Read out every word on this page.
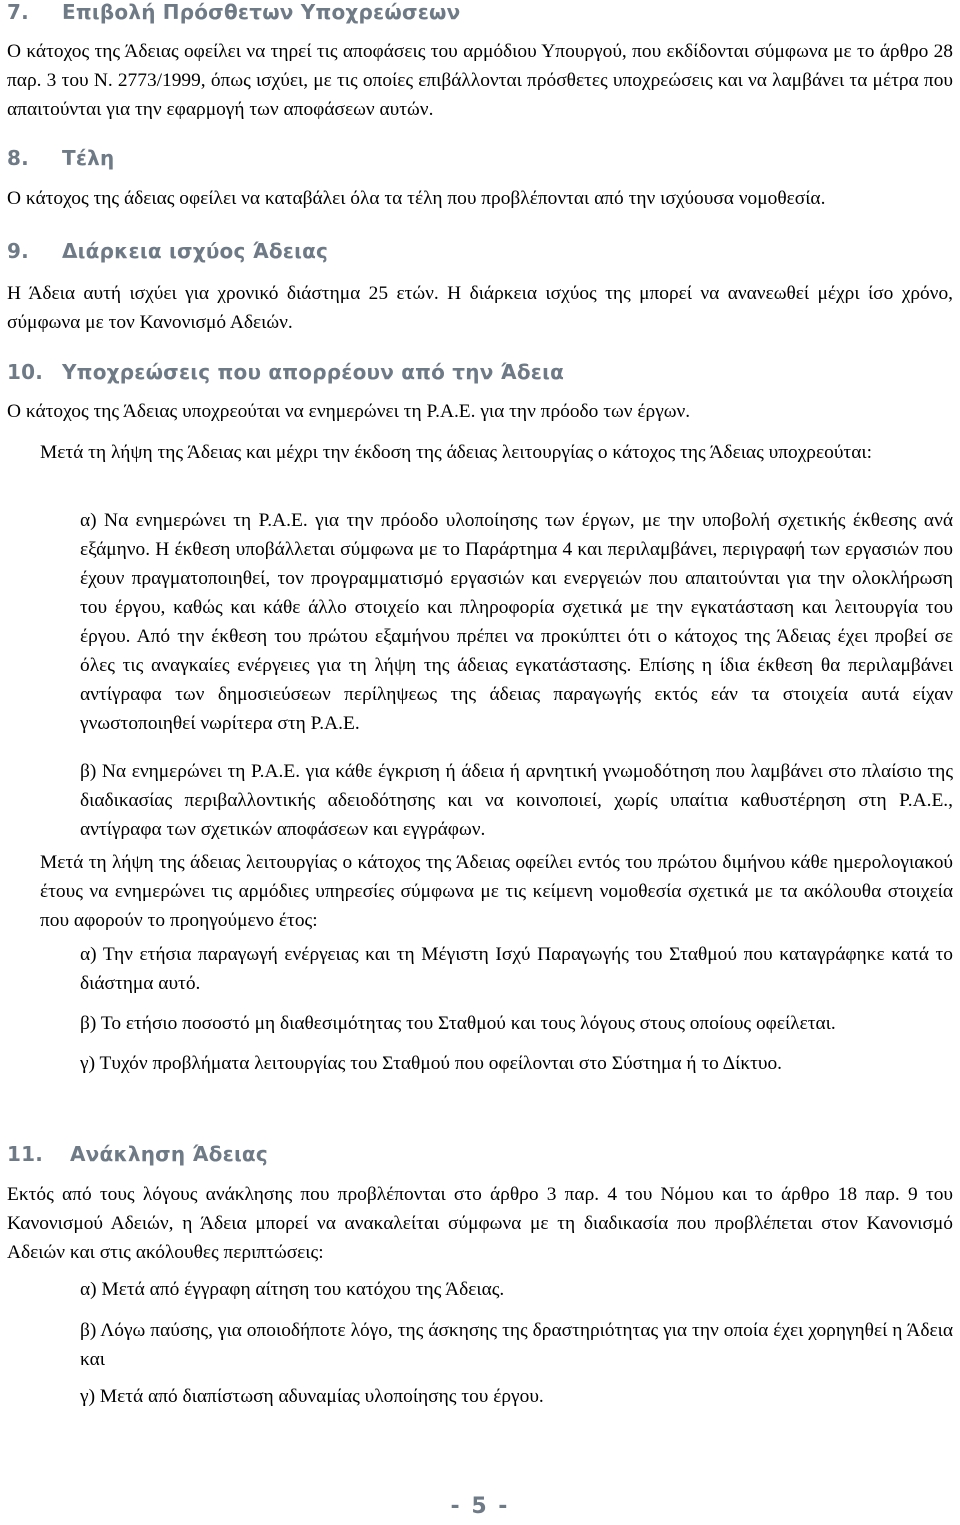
7. Επιβολή Πρόσθετων Υποχρεώσεων

Ο κάτοχος της Άδειας οφείλει να τηρεί τις αποφάσεις του αρμόδιου Υπουργού, που εκδίδονται σύμφωνα με το άρθρο 28 παρ. 3 του Ν. 2773/1999, όπως ισχύει, με τις οποίες επιβάλλονται πρόσθετες υποχρεώσεις και να λαμβάνει τα μέτρα που απαιτούνται για την εφαρμογή των αποφάσεων αυτών.

8. Τέλη

Ο κάτοχος της άδειας οφείλει να καταβάλει όλα τα τέλη που προβλέπονται από την ισχύουσα νομοθεσία.

9. Διάρκεια ισχύος Άδειας

Η Άδεια αυτή ισχύει για χρονικό διάστημα 25 ετών. Η διάρκεια ισχύος της μπορεί να ανανεωθεί μέχρι ίσο χρόνο, σύμφωνα με τον Κανονισμό Αδειών.

10. Υποχρεώσεις που απορρέουν από την Άδεια

Ο κάτοχος της Άδειας υποχρεούται να ενημερώνει τη Ρ.Α.Ε. για την πρόοδο των έργων.

Μετά τη λήψη της Άδειας και μέχρι την έκδοση της άδειας λειτουργίας ο κάτοχος της Άδειας υποχρεούται:

α) Να ενημερώνει τη Ρ.Α.Ε. για την πρόοδο υλοποίησης των έργων, με την υποβολή σχετικής έκθεσης ανά εξάμηνο. Η έκθεση υποβάλλεται σύμφωνα με το Παράρτημα 4 και περιλαμβάνει, περιγραφή των εργασιών που έχουν πραγματοποιηθεί, τον προγραμματισμό εργασιών και ενεργειών που απαιτούνται για την ολοκλήρωση του έργου, καθώς και κάθε άλλο στοιχείο και πληροφορία σχετικά με την εγκατάσταση και λειτουργία του έργου. Από την έκθεση του πρώτου εξαμήνου πρέπει να προκύπτει ότι ο κάτοχος της Άδειας έχει προβεί σε όλες τις αναγκαίες ενέργειες για τη λήψη της άδειας εγκατάστασης. Επίσης η ίδια έκθεση θα περιλαμβάνει αντίγραφα των δημοσιεύσεων περίληψεως της άδειας παραγωγής εκτός εάν τα στοιχεία αυτά είχαν γνωστοποιηθεί νωρίτερα στη Ρ.Α.Ε.

β) Να ενημερώνει τη Ρ.Α.Ε. για κάθε έγκριση ή άδεια ή αρνητική γνωμοδότηση που λαμβάνει στο πλαίσιο της διαδικασίας περιβαλλοντικής αδειοδότησης και να κοινοποιεί, χωρίς υπαίτια καθυστέρηση στη Ρ.Α.Ε., αντίγραφα των σχετικών αποφάσεων και εγγράφων.

Μετά τη λήψη της άδειας λειτουργίας ο κάτοχος της Άδειας οφείλει εντός του πρώτου διμήνου κάθε ημερολογιακού έτους να ενημερώνει τις αρμόδιες υπηρεσίες σύμφωνα με τις κείμενη νομοθεσία σχετικά με τα ακόλουθα στοιχεία που αφορούν το προηγούμενο έτος:

α) Την ετήσια παραγωγή ενέργειας και τη Μέγιστη Ισχύ Παραγωγής του Σταθμού που καταγράφηκε κατά το διάστημα αυτό.

β) Το ετήσιο ποσοστό μη διαθεσιμότητας του Σταθμού και τους λόγους στους οποίους οφείλεται.

γ) Τυχόν προβλήματα λειτουργίας του Σταθμού που οφείλονται στο Σύστημα ή το Δίκτυο.

11. Ανάκληση Άδειας

Εκτός από τους λόγους ανάκλησης που προβλέπονται στο άρθρο 3 παρ. 4 του Νόμου και το άρθρο 18 παρ. 9 του Κανονισμού Αδειών, η Άδεια μπορεί να ανακαλείται σύμφωνα με τη διαδικασία που προβλέπεται στον Κανονισμό Αδειών και στις ακόλουθες περιπτώσεις:

α) Μετά από έγγραφη αίτηση του κατόχου της Άδειας.

β) Λόγω παύσης, για οποιοδήποτε λόγο, της άσκησης της δραστηριότητας για την οποία έχει χορηγηθεί η Άδεια και

γ) Μετά από διαπίστωση αδυναμίας υλοποίησης του έργου.

- 5 -
